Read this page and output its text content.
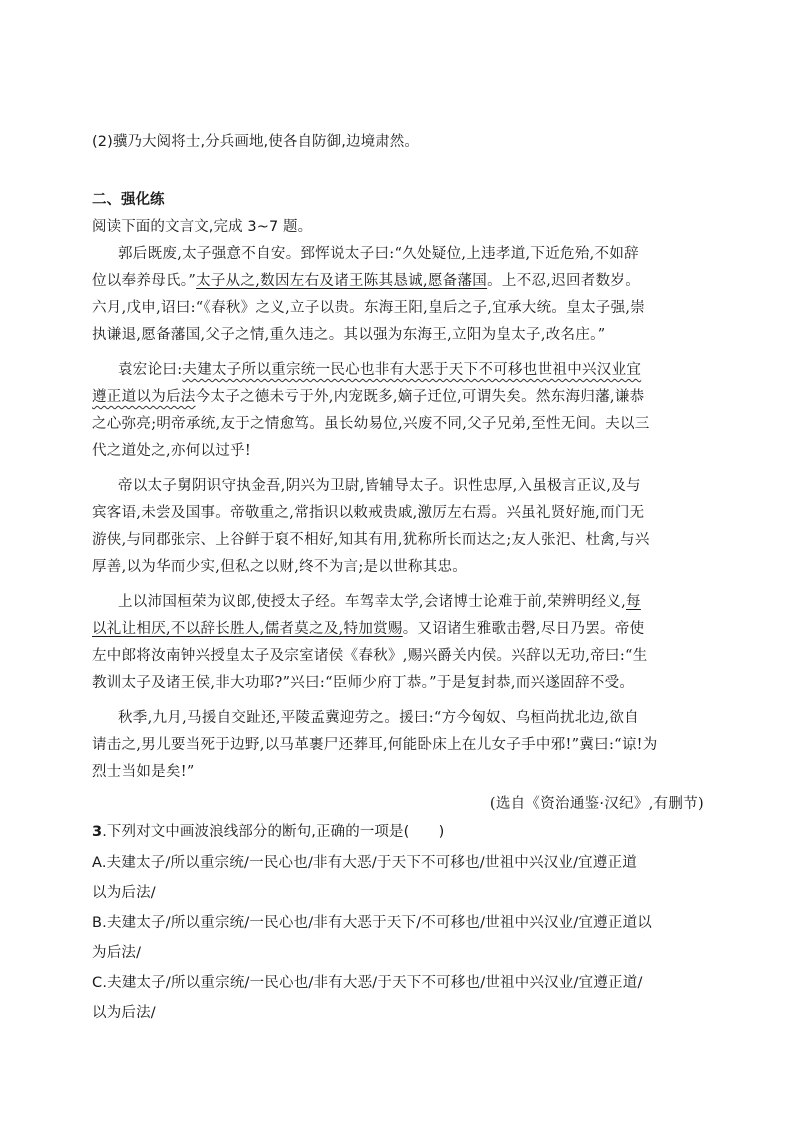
(2)骥乃大阅将士,分兵画地,使各自防御,边境肃然。
二、强化练
阅读下面的文言文,完成 3~7 题。
郭后既废,太子强意不自安。郅恽说太子曰:“久处疑位,上违孝道,下近危殆,不如辞
位以奉养母氏。”太子从之,数因左右及诸王陈其恳诚,愿备藩国。上不忍,迟回者数岁。
六月,戊申,诏曰:“《春秋》之义,立子以贵。东海王阳,皇后之子,宜承大统。皇太子强,崇
执谦退,愿备藩国,父子之情,重久违之。其以强为东海王,立阳为皇太子,改名庄。”
袁宏论曰:夫建太子所以重宗统一民心也非有大恶于天下不可移也世祖中兴汉业宜
遵正道以为后法今太子之德未亏于外,内宠既多,嫡子迁位,可谓失矣。然东海归藩,谦恭
之心弥亮;明帝承统,友于之情愈笃。虽长幼易位,兴废不同,父子兄弟,至性无间。夫以三
代之道处之,亦何以过乎!
帝以太子舅阴识守执金吾,阴兴为卫尉,皆辅导太子。识性忠厚,入虽极言正议,及与
宾客语,未尝及国事。帝敬重之,常指识以敕戒贵戚,激厉左右焉。兴虽礼贤好施,而门无
游侠,与同郡张宗、上谷鲜于裒不相好,知其有用,犹称所长而达之;友人张汜、杜禽,与兴
厚善,以为华而少实,但私之以财,终不为言;是以世称其忠。
上以沛国桓荣为议郎,使授太子经。车驾幸太学,会诸博士论难于前,荣辨明经义,每
以礼让相厌,不以辞长胜人,儒者莫之及,特加赏赐。又诏诸生雅歌击磬,尽日乃罢。帝使
左中郎将汝南钟兴授皇太子及宗室诸侯《春秋》,赐兴爵关内侯。兴辞以无功,帝曰:“生
教训太子及诸王侯,非大功耶?”兴曰:“臣师少府丁恭。”于是复封恭,而兴遂固辞不受。
秋季,九月,马援自交趾还,平陵孟冀迎劳之。援曰:“方今匈奴、乌桓尚扰北边,欲自
请击之,男儿要当死于边野,以马革裹尸还葬耳,何能卧床上在儿女子手中邪!”冀曰:“谅!为
烈士当如是矣!”
(选自《资治通鉴·汉纪》,有删节)
3.下列对文中画波浪线部分的断句,正确的一项是(　　)
A.夫建太子/所以重宗统/一民心也/非有大恶/于天下不可移也/世祖中兴汉业/宜遵正道
以为后法/
B.夫建太子/所以重宗统/一民心也/非有大恶于天下/不可移也/世祖中兴汉业/宜遵正道以
为后法/
C.夫建太子/所以重宗统/一民心也/非有大恶/于天下不可移也/世祖中兴汉业/宜遵正道/
以为后法/
